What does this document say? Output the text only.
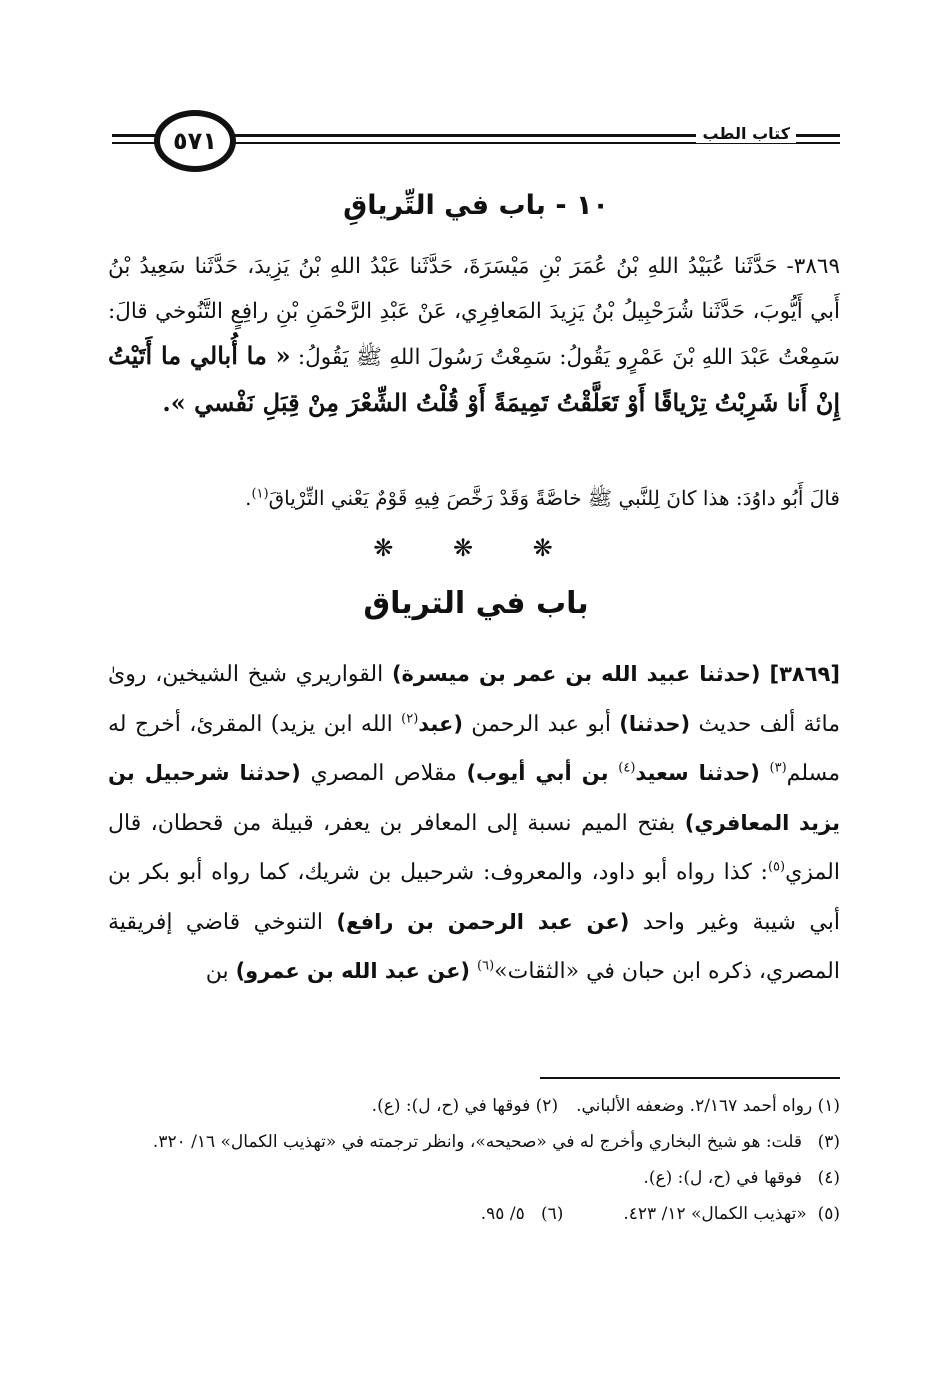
٥٧١	كتاب الطب
١٠ - باب في التِّرياقِ
٣٨٦٩- حَدَّثَنا عُبَيْدُ اللهِ بْنُ عُمَرَ بْنِ مَيْسَرَةَ، حَدَّثَنا عَبْدُ اللهِ بْنُ يَزِيدَ، حَدَّثَنا سَعِيدُ بْنُ أَبي أَيُّوبَ، حَدَّثَنا شُرَحْبِيلُ بْنُ يَزِيدَ المَعافِرِي، عَنْ عَبْدِ الرَّحْمَنِ بْنِ رافِعٍ التَّنُوخي قالَ: سَمِعْتُ عَبْدَ اللهِ بْنَ عَمْرٍو يَقُولُ: سَمِعْتُ رَسُولَ اللهِ ﷺ يَقُولُ: « ما أُبالي ما أَتَيْتُ إِنْ أَنا شَرِبْتُ تِرْياقًا أَوْ تَعَلَّقْتُ تَمِيمَةً أَوْ قُلْتُ الشِّعْرَ مِنْ قِبَلِ نَفْسي ».
قالَ أَبُو داوُدَ: هذا كانَ لِلنَّبي ﷺ خاصَّةً وَقَدْ رَخَّصَ فِيهِ قَوْمٌ يَعْني التِّرْياقَ$^{(١)}$.
❋ ❋ ❋
باب في الترياق
[٣٨٦٩] (حدثنا عبيد الله بن عمر بن ميسرة) القواريري شيخ الشيخين، روىٰ مائة ألف حديث (حدثنا) أبو عبد الرحمن (عبد$^{(٢)}$ الله ابن يزيد) المقرئ، أخرج له مسلم$^{(٣)}$ (حدثنا سعيد$^{(٤)}$ بن أبي أيوب) مقلاص المصري (حدثنا شرحبيل بن يزيد المعافري) بفتح الميم نسبة إلى المعافر بن يعفر، قبيلة من قحطان، قال المزي$^{(٥)}$: كذا رواه أبو داود، والمعروف: شرحبيل بن شريك، كما رواه أبو بكر بن أبي شيبة وغير واحد (عن عبد الرحمن بن رافع) التنوخي قاضي إفريقية المصري، ذكره ابن حبان في «الثقات»$^{(٦)}$ (عن عبد الله بن عمرو) بن
(١) رواه أحمد ٢/١٦٧. وضعفه الألباني.
(٢) فوقها في (ح، ل): (ع).
(٣)
قلت: هو شيخ البخاري وأخرج له في «صحيحه»، وانظر ترجمته في «تهذيب الكمال» ١٦/ ٣٢٠.
(٤)
فوقها في (ح، ل): (ع).
(٥)  «تهذيب الكمال» ١٢/ ٤٢٣.
(٦)   ٥/ ٩٥.
